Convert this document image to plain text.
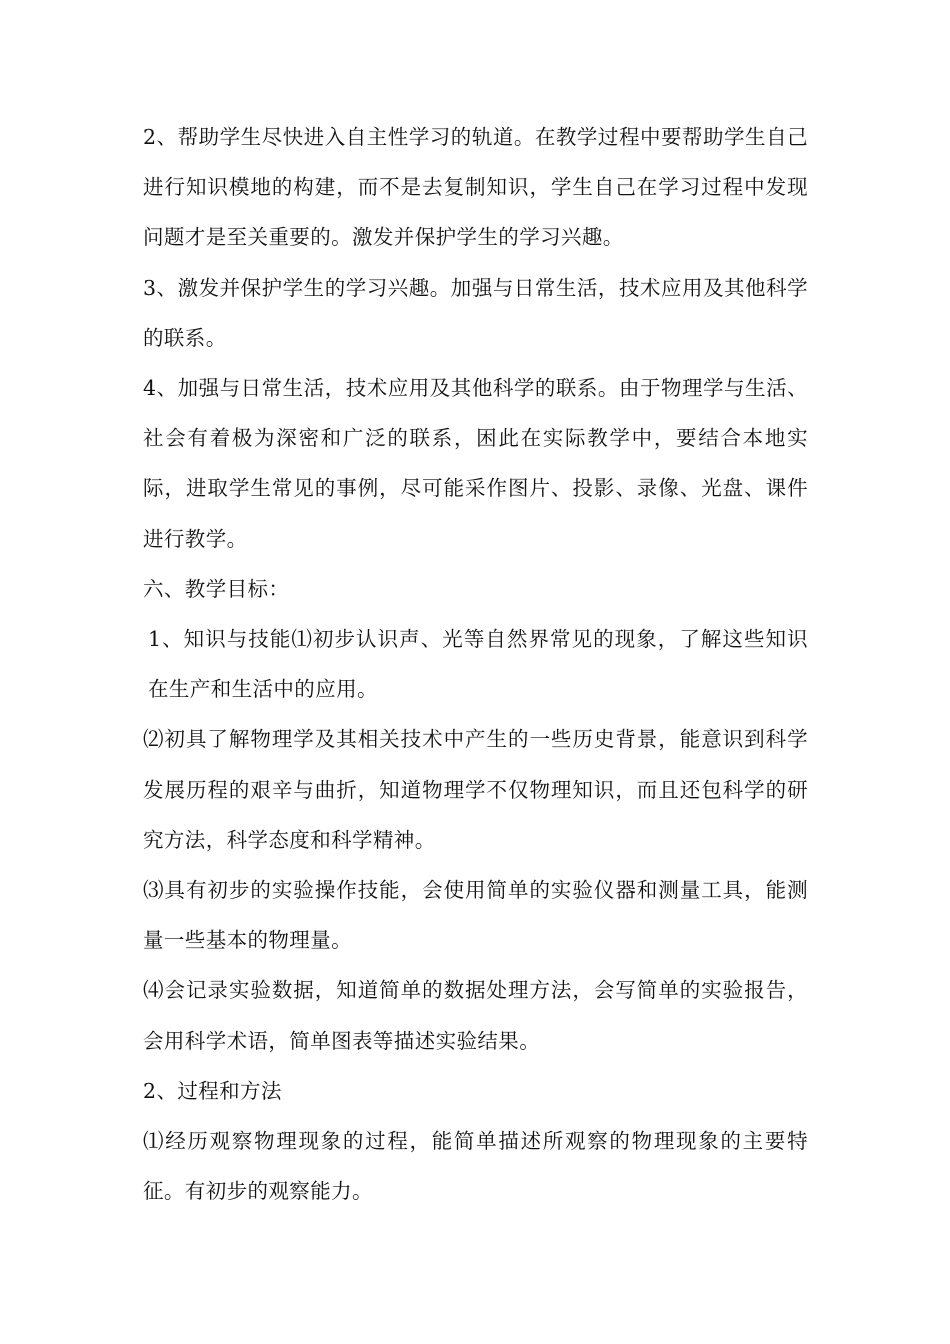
2、帮助学生尽快进入自主性学习的轨道。在教学过程中要帮助学生自己进行知识模地的构建，而不是去复制知识，学生自己在学习过程中发现问题才是至关重要的。激发并保护学生的学习兴趣。

3、激发并保护学生的学习兴趣。加强与日常生活，技术应用及其他科学的联系。

4、加强与日常生活，技术应用及其他科学的联系。由于物理学与生活、社会有着极为深密和广泛的联系，困此在实际教学中，要结合本地实际，进取学生常见的事例，尽可能采作图片、投影、录像、光盘、课件进行教学。

六、教学目标：

1、知识与技能⑴初步认识声、光等自然界常见的现象，了解这些知识在生产和生活中的应用。

⑵初具了解物理学及其相关技术中产生的一些历史背景，能意识到科学发展历程的艰辛与曲折，知道物理学不仅物理知识，而且还包科学的研究方法，科学态度和科学精神。

⑶具有初步的实验操作技能，会使用简单的实验仪器和测量工具，能测量一些基本的物理量。

⑷会记录实验数据，知道简单的数据处理方法，会写简单的实验报告，会用科学术语，简单图表等描述实验结果。

2、过程和方法

⑴经历观察物理现象的过程，能简单描述所观察的物理现象的主要特征。有初步的观察能力。
